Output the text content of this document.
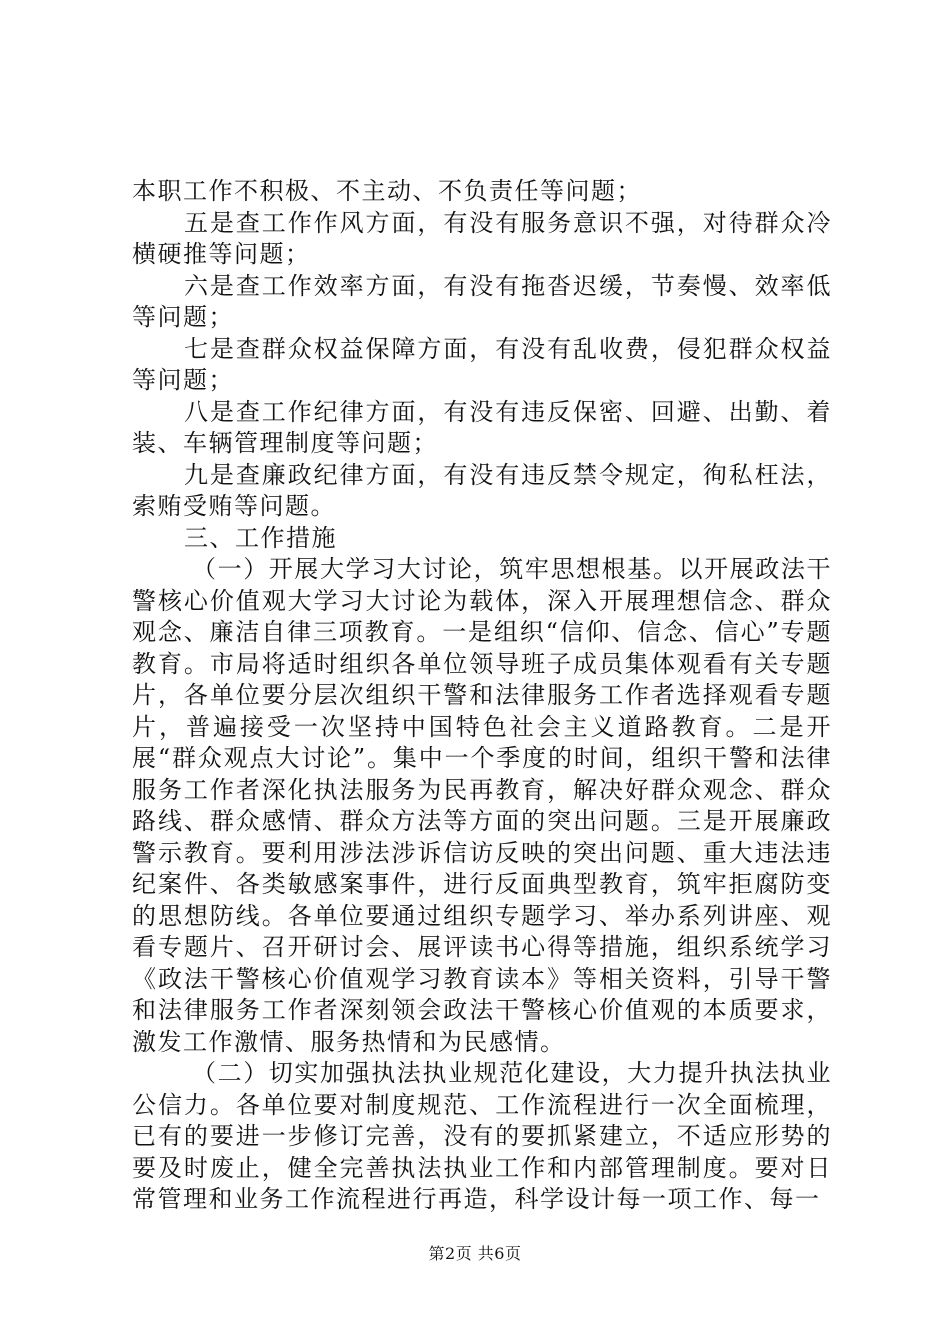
本职工作不积极、不主动、不负责任等问题；

五是查工作作风方面，有没有服务意识不强，对待群众冷横硬推等问题；

六是查工作效率方面，有没有拖沓迟缓，节奏慢、效率低等问题；

七是查群众权益保障方面，有没有乱收费，侵犯群众权益等问题；

八是查工作纪律方面，有没有违反保密、回避、出勤、着装、车辆管理制度等问题；

九是查廉政纪律方面，有没有违反禁令规定，徇私枉法，索贿受贿等问题。

三、工作措施

（一）开展大学习大讨论，筑牢思想根基。以开展政法干警核心价值观大学习大讨论为载体，深入开展理想信念、群众观念、廉洁自律三项教育。一是组织“信仰、信念、信心”专题教育。市局将适时组织各单位领导班子成员集体观看有关专题片，各单位要分层次组织干警和法律服务工作者选择观看专题片，普遍接受一次坚持中国特色社会主义道路教育。二是开展“群众观点大讨论”。集中一个季度的时间，组织干警和法律服务工作者深化执法服务为民再教育，解决好群众观念、群众路线、群众感情、群众方法等方面的突出问题。三是开展廉政警示教育。要利用涉法涉诉信访反映的突出问题、重大违法违纪案件、各类敏感案事件，进行反面典型教育，筑牢拒腐防变的思想防线。各单位要通过组织专题学习、举办系列讲座、观看专题片、召开研讨会、展评读书心得等措施，组织系统学习《政法干警核心价值观学习教育读本》等相关资料，引导干警和法律服务工作者深刻领会政法干警核心价值观的本质要求，激发工作激情、服务热情和为民感情。

（二）切实加强执法执业规范化建设，大力提升执法执业公信力。各单位要对制度规范、工作流程进行一次全面梳理，已有的要进一步修订完善，没有的要抓紧建立，不适应形势的要及时废止，健全完善执法执业工作和内部管理制度。要对日常管理和业务工作流程进行再造，科学设计每一项工作、每一

第2页 共6页
